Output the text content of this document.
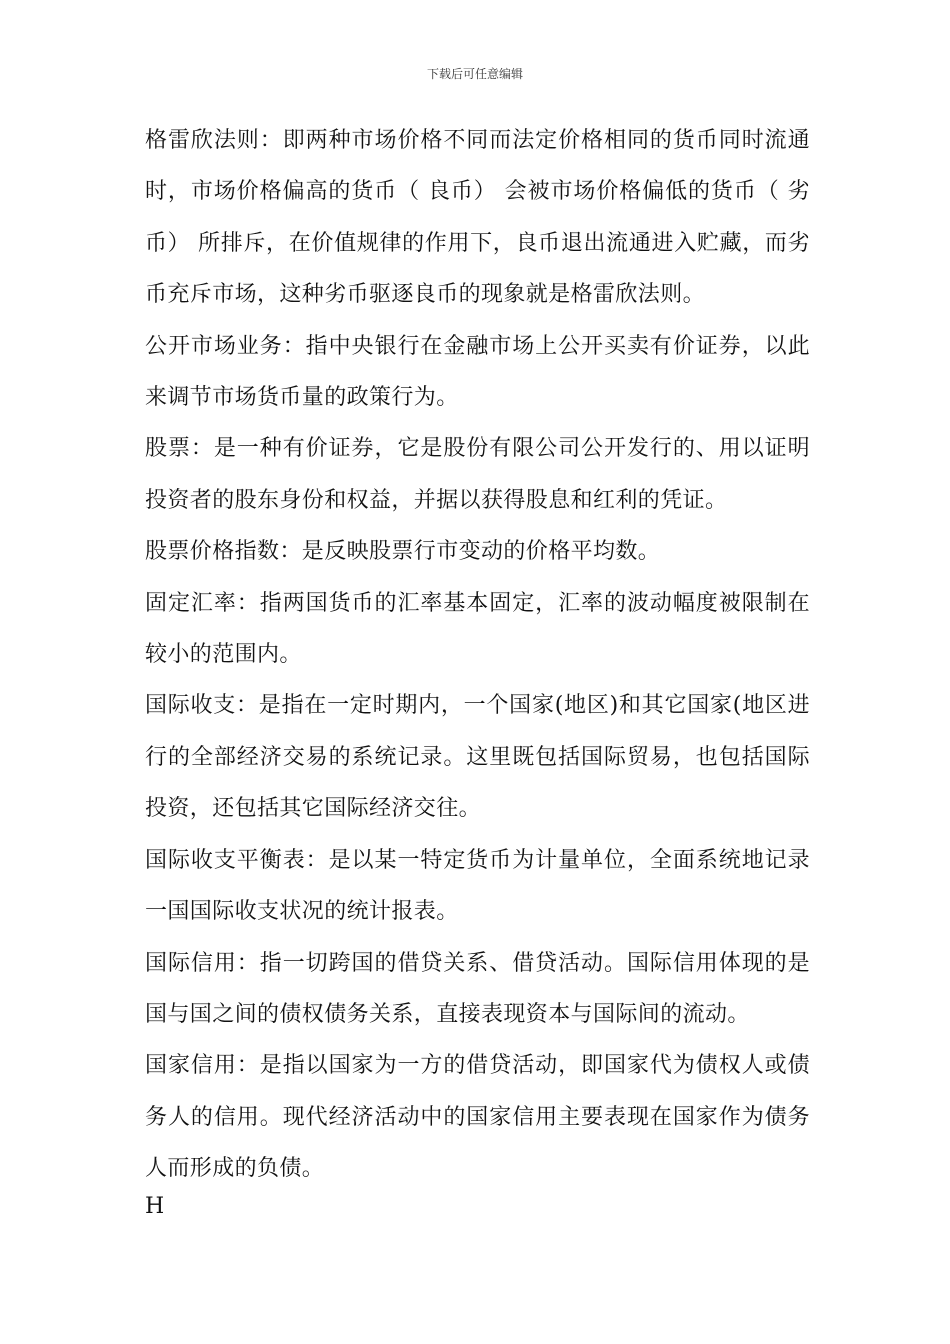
下载后可任意编辑

格雷欣法则：即两种市场价格不同而法定价格相同的货币同时流通时，市场价格偏高的货币（ 良币） 会被市场价格偏低的货币（ 劣币） 所排斥，在价值规律的作用下，良币退出流通进入贮藏，而劣币充斥市场，这种劣币驱逐良币的现象就是格雷欣法则。

公开市场业务：指中央银行在金融市场上公开买卖有价证券，以此来调节市场货币量的政策行为。

股票：是一种有价证券，它是股份有限公司公开发行的、用以证明投资者的股东身份和权益，并据以获得股息和红利的凭证。

股票价格指数：是反映股票行市变动的价格平均数。

固定汇率：指两国货币的汇率基本固定，汇率的波动幅度被限制在较小的范围内。

国际收支：是指在一定时期内，一个国家(地区)和其它国家(地区进行的全部经济交易的系统记录。这里既包括国际贸易，也包括国际投资，还包括其它国际经济交往。

国际收支平衡表：是以某一特定货币为计量单位，全面系统地记录一国国际收支状况的统计报表。

国际信用：指一切跨国的借贷关系、借贷活动。国际信用体现的是国与国之间的债权债务关系，直接表现资本与国际间的流动。

国家信用：是指以国家为一方的借贷活动，即国家代为债权人或债务人的信用。现代经济活动中的国家信用主要表现在国家作为债务人而形成的负债。

H
